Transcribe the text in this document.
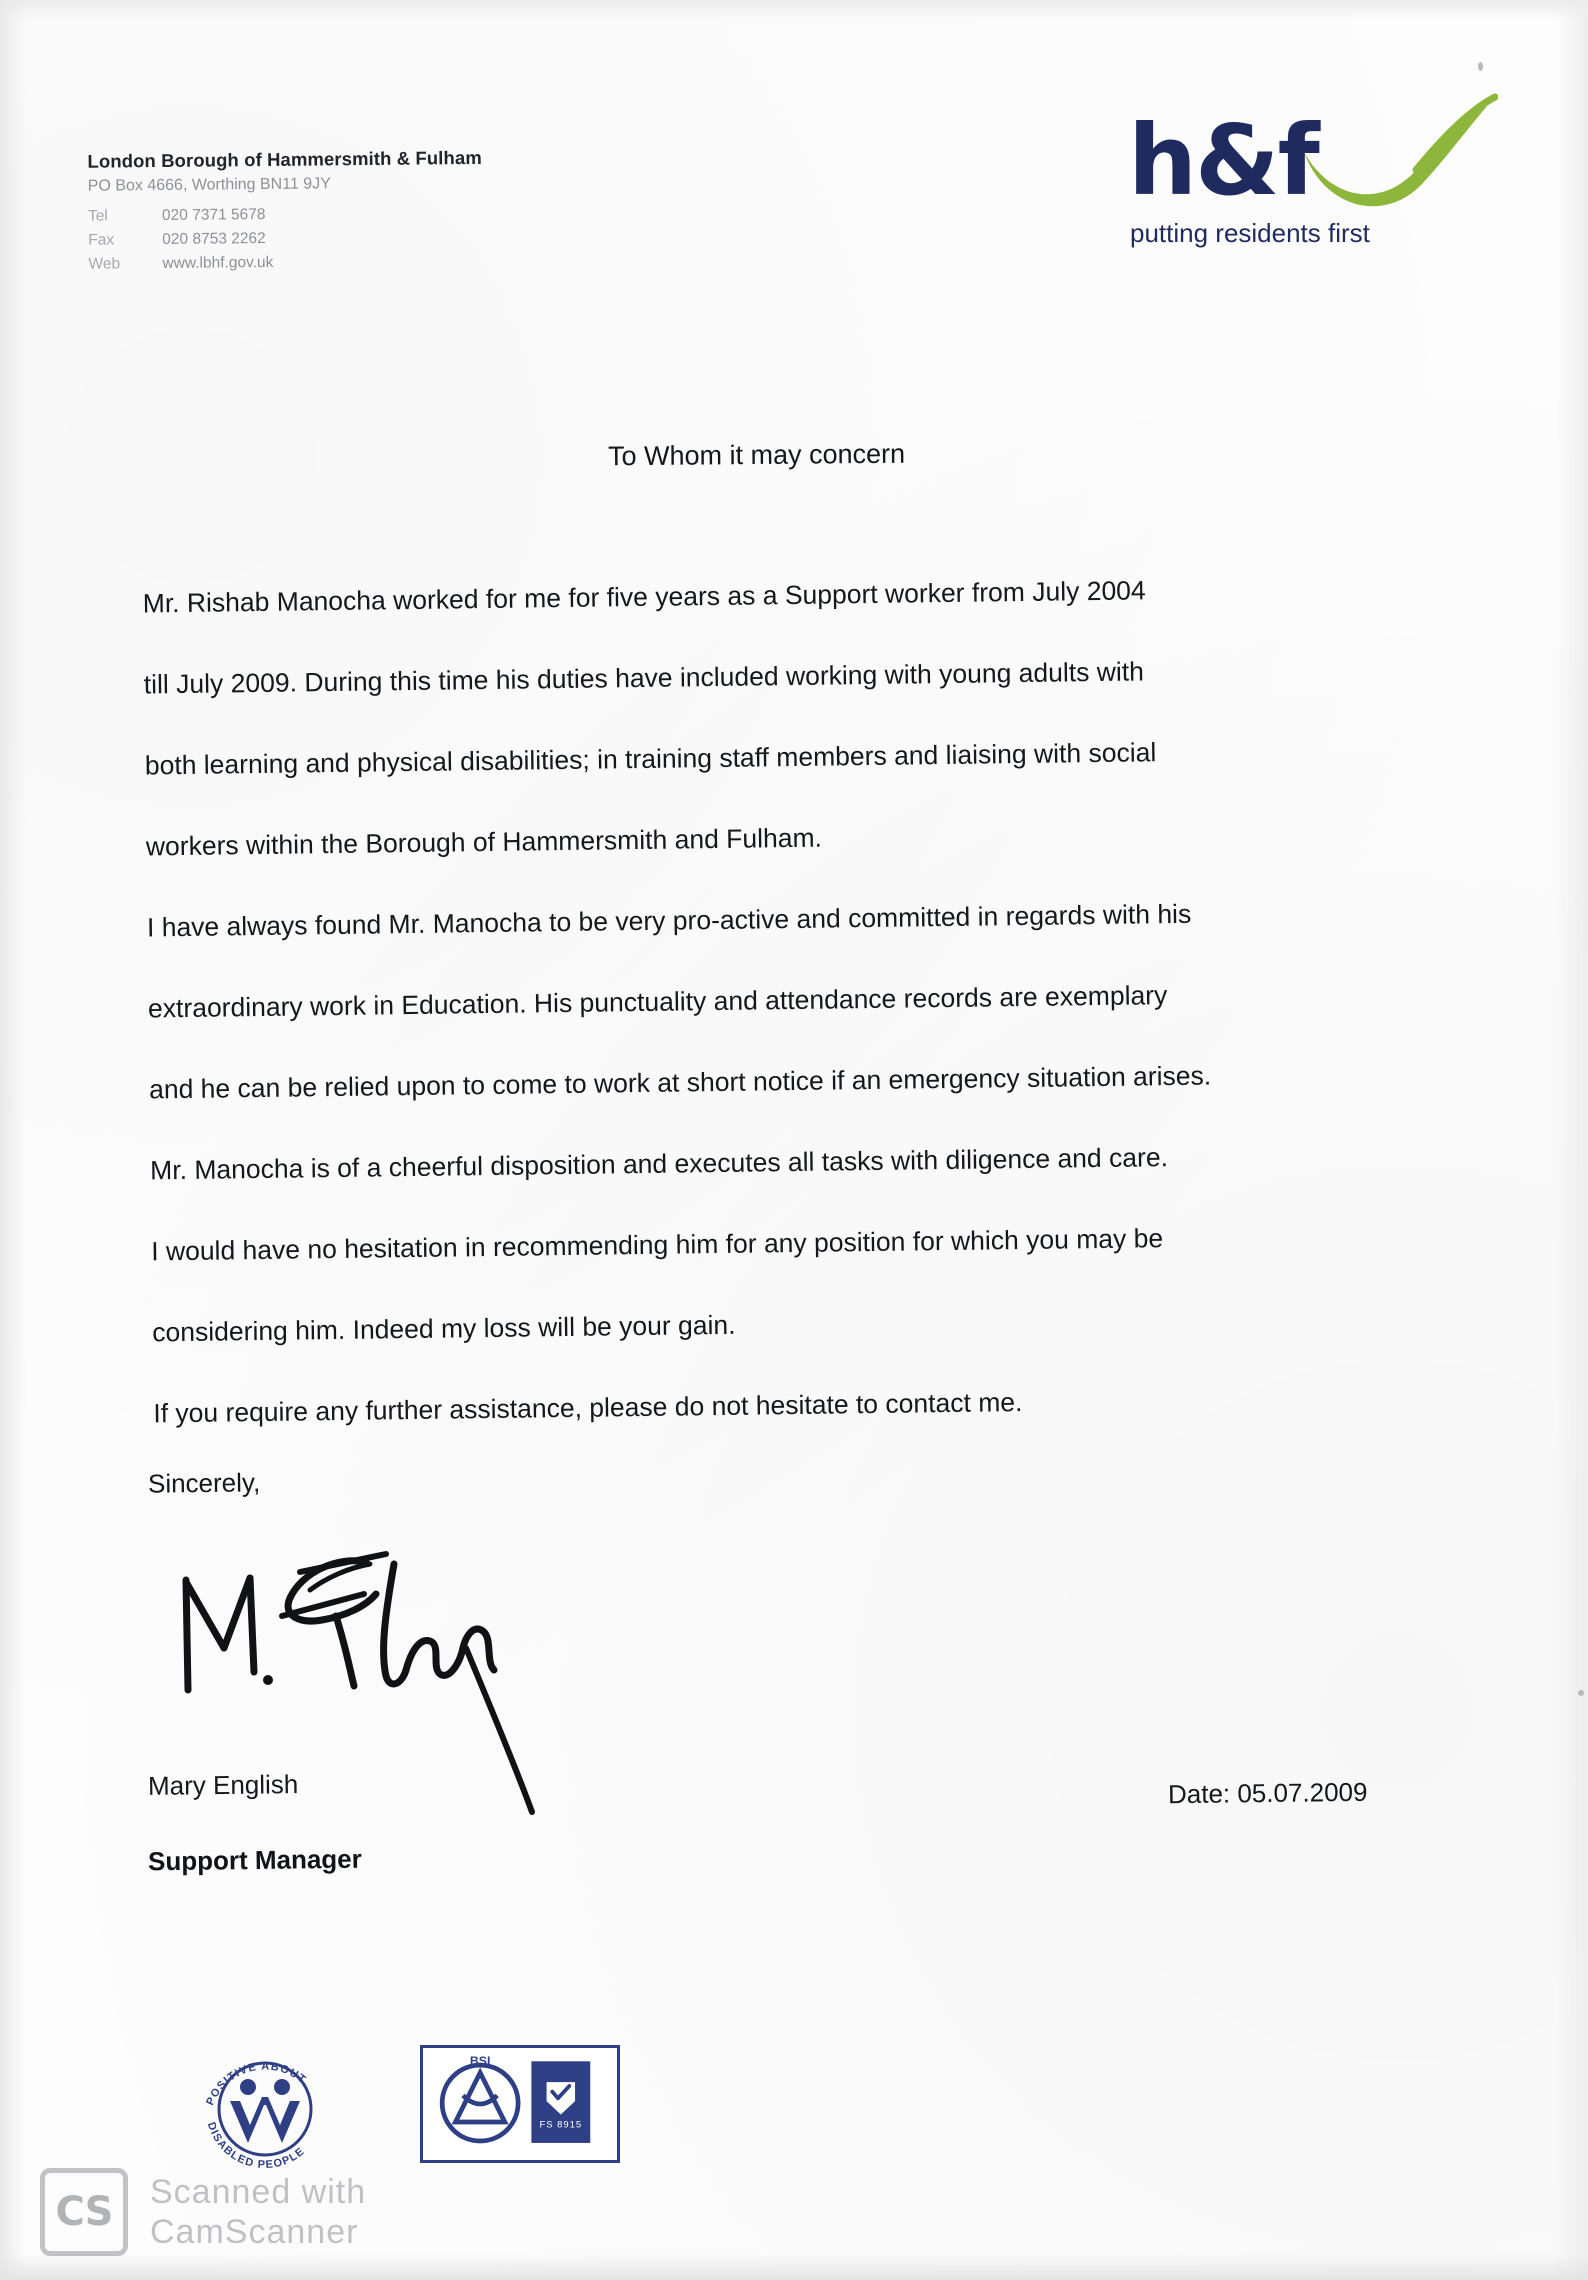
London Borough of Hammersmith & Fulham

PO Box 4666, Worthing BN11 9JY

Tel	020 7371 5678
Fax	020 8753 2262
Web	www.lbhf.gov.uk
h&f
putting residents first
To Whom it may concern
Mr. Rishab Manocha worked for me for five years as a Support worker from July 2004
till July 2009. During this time his duties have included working with young adults with
both learning and physical disabilities; in training staff members and liaising with social
workers within the Borough of Hammersmith and Fulham.
I have always found Mr. Manocha to be very pro-active and committed in regards with his
extraordinary work in Education. His punctuality and attendance records are exemplary
and he can be relied upon to come to work at short notice if an emergency situation arises.
Mr. Manocha is of a cheerful disposition and executes all tasks with diligence and care.
I would have no hesitation in recommending him for any position for which you may be
considering him. Indeed my loss will be your gain.
If you require any further assistance, please do not hesitate to contact me.
Sincerely,
Mary English
Support Manager
Date: 05.07.2009
POSITIVE ABOUT
DISABLED PEOPLE
BSI
FS 8915
CS	Scanned with
CamScanner
